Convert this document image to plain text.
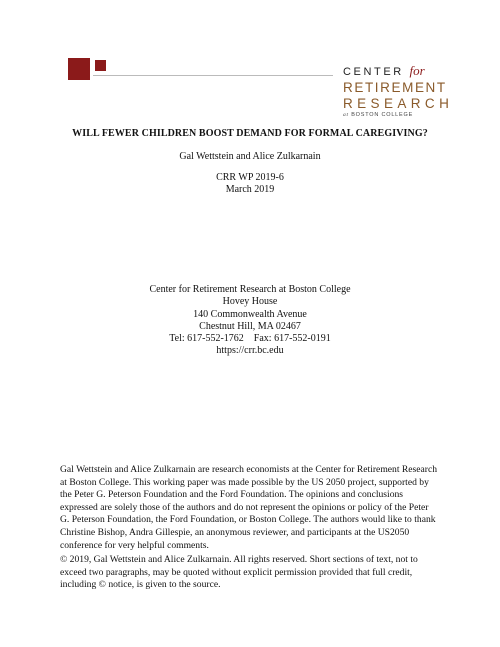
CENTER for
RETIREMENT
RESEARCH
at BOSTON COLLEGE
WILL FEWER CHILDREN BOOST DEMAND FOR FORMAL CAREGIVING?
Gal Wettstein and Alice Zulkarnain
CRR WP 2019-6
March 2019
Center for Retirement Research at Boston College
Hovey House
140 Commonwealth Avenue
Chestnut Hill, MA 02467
Tel: 617-552-1762    Fax: 617-552-0191
https://crr.bc.edu
Gal Wettstein and Alice Zulkarnain are research economists at the Center for Retirement Research at Boston College. This working paper was made possible by the US 2050 project, supported by the Peter G. Peterson Foundation and the Ford Foundation. The opinions and conclusions expressed are solely those of the authors and do not represent the opinions or policy of the Peter G. Peterson Foundation, the Ford Foundation, or Boston College. The authors would like to thank Christine Bishop, Andra Gillespie, an anonymous reviewer, and participants at the US2050 conference for very helpful comments.
© 2019, Gal Wettstein and Alice Zulkarnain. All rights reserved. Short sections of text, not to exceed two paragraphs, may be quoted without explicit permission provided that full credit, including © notice, is given to the source.
